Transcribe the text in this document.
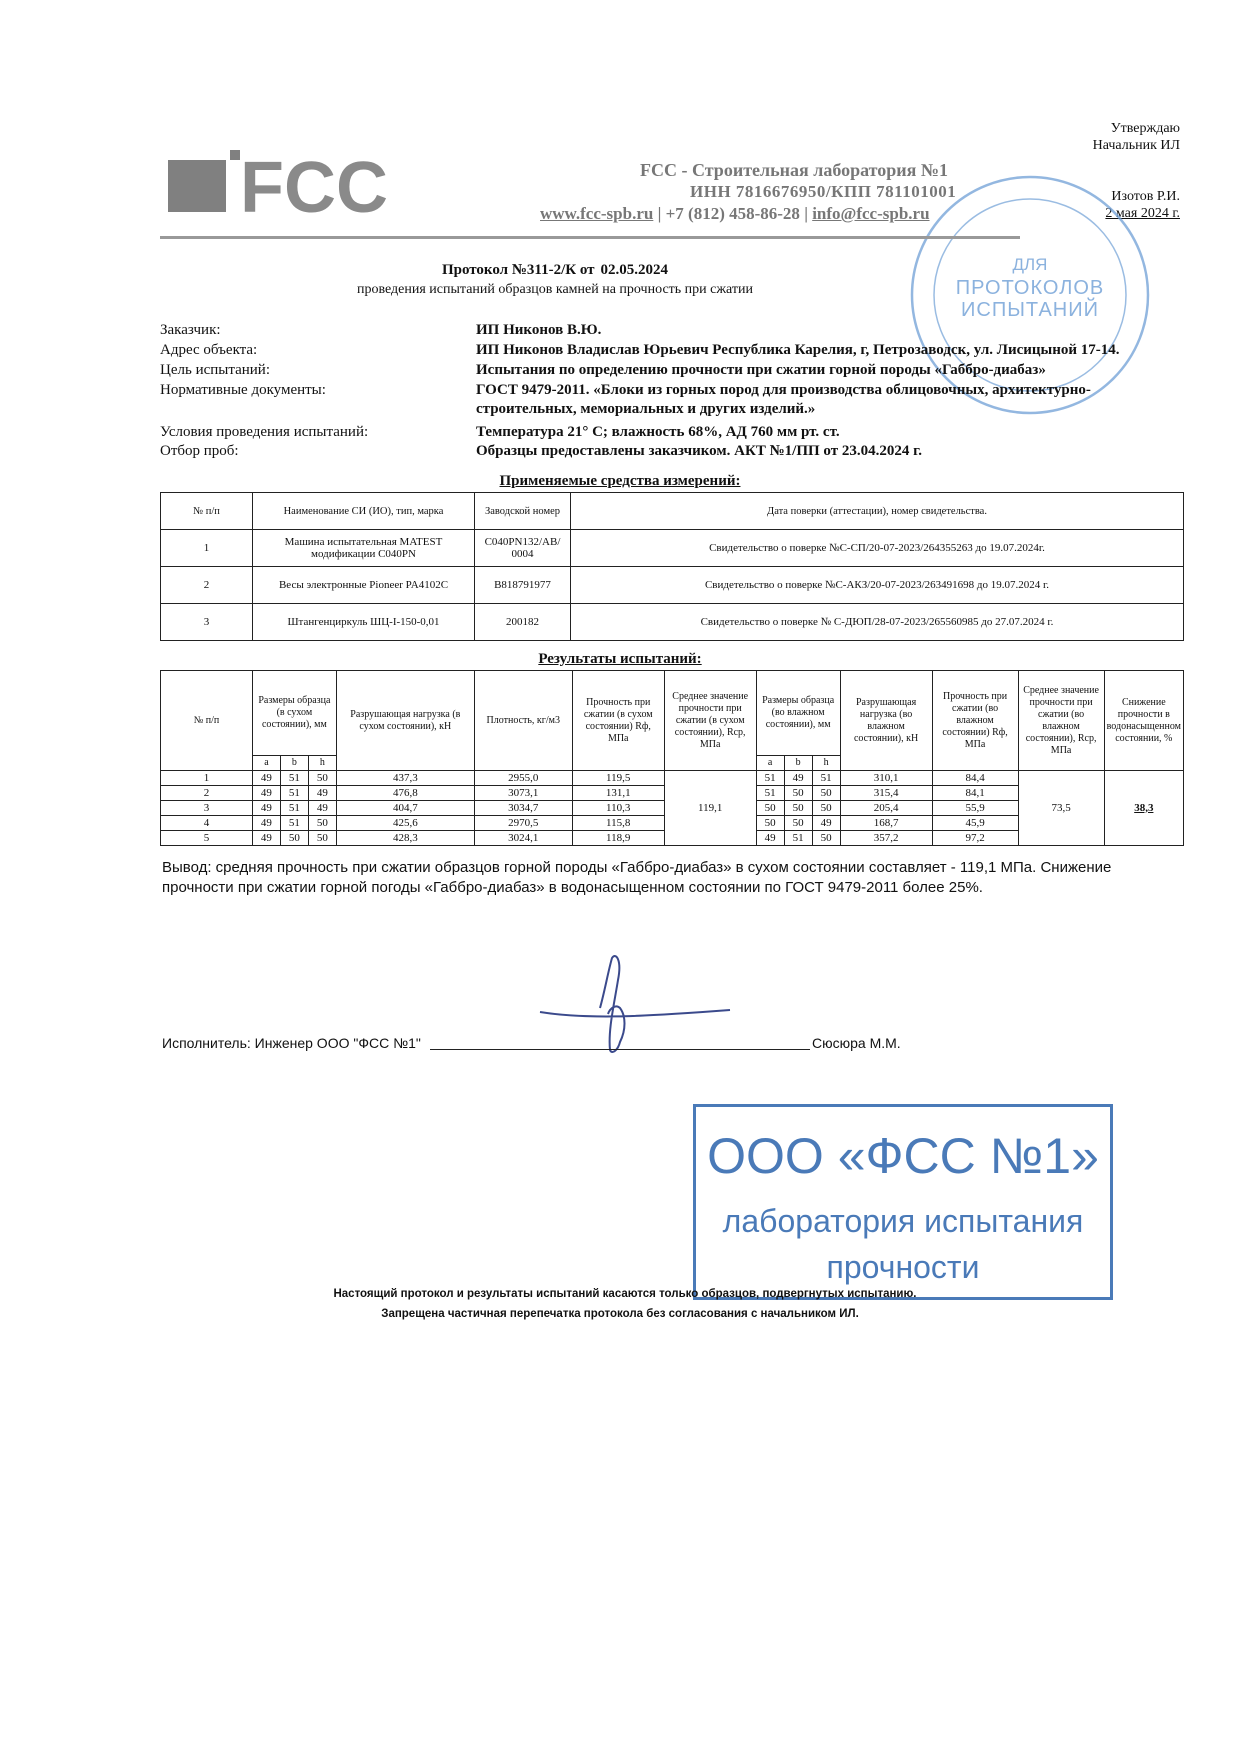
Утверждаю
Начальник ИЛ
Изотов Р.И.
2 мая 2024 г.
ДЛЯ
ПРОТОКОЛОВ
ИСПЫТАНИЙ
FCC	FCC - Строительная лаборатория №1
ИНН 7816676950/КПП 781101001
www.fcc-spb.ru | +7 (812) 458-86-28 | info@fcc-spb.ru
Протокол №311-2/К от 02.05.2024
проведения испытаний образцов камней на прочность при сжатии
Заказчик:	ИП Никонов В.Ю.
Адрес объекта:	ИП Никонов Владислав Юрьевич Республика Карелия, г, Петрозаводск, ул. Лисицыной 17-14.
Цель испытаний:	Испытания по определению прочности при сжатии горной породы «Габбро-диабаз»
Нормативные документы:	ГОСТ 9479-2011. «Блоки из горных пород для производства облицовочных, архитектурно-
строительных, мемориальных и других изделий.»
Условия проведения испытаний:	Температура 21° С; влажность 68%, АД 760 мм рт. ст.
Отбор проб:	Образцы предоставлены заказчиком. АКТ №1/ПП от 23.04.2024 г.
Применяемые средства измерений:
№ п/п	Наименование СИ (ИО), тип, марка	Заводской номер	Дата поверки (аттестации), номер свидетельства.
1	Машина испытательная MATEST модификации C040PN	C040PN132/AB/ 0004	Свидетельство о поверке №С-СП/20-07-2023/264355263 до 19.07.2024г.
2	Весы электронные Pioneer PA4102C	B818791977	Свидетельство о поверке №С-АКЗ/20-07-2023/263491698 до 19.07.2024 г.
3	Штангенциркуль ШЦ-I-150-0,01	200182	Свидетельство о поверке № С-ДЮП/28-07-2023/265560985 до 27.07.2024 г.
Результаты испытаний:
№ п/п	Размеры образца (в сухом состоянии), мм			Разрушающая нагрузка (в сухом состоянии), кН	Плотность, кг/м3	Прочность при сжатии (в сухом состоянии) Rф, МПа	Среднее значение прочности при сжатии (в сухом состоянии), Rср, МПа	Размеры образца (во влажном состоянии), мм			Разрушающая нагрузка (во влажном состоянии), кН	Прочность при сжатии (во влажном состоянии) Rф, МПа	Среднее значение прочности при сжатии (во влажном состоянии), Rср, МПа	Снижение прочности в водонасыщенном состоянии, %
	a	b	h					a	b	h				
1	49	51	50	437,3	2955,0	119,5	119,1	51	49	51	310,1	84,4	73,5	38,3
2	49	51	49	476,8	3073,1	131,1		51	50	50	315,4	84,1		
3	49	51	49	404,7	3034,7	110,3		50	50	50	205,4	55,9		
4	49	51	50	425,6	2970,5	115,8		50	50	49	168,7	45,9		
5	49	50	50	428,3	3024,1	118,9		49	51	50	357,2	97,2		
Вывод: средняя прочность при сжатии образцов горной породы «Габбро-диабаз» в сухом состоянии составляет - 119,1 МПа. Снижение прочности при сжатии горной погоды «Габбро-диабаз» в водонасыщенном состоянии по ГОСТ 9479-2011 более 25%.
Исполнитель: Инженер ООО "ФСС №1"	Сюсюра М.М.
ООО «ФСС №1»
лаборатория испытания
прочности
Настоящий протокол и результаты испытаний касаются только образцов, подвергнутых испытанию.
Запрещена частичная перепечатка протокола без согласования с начальником ИЛ.
